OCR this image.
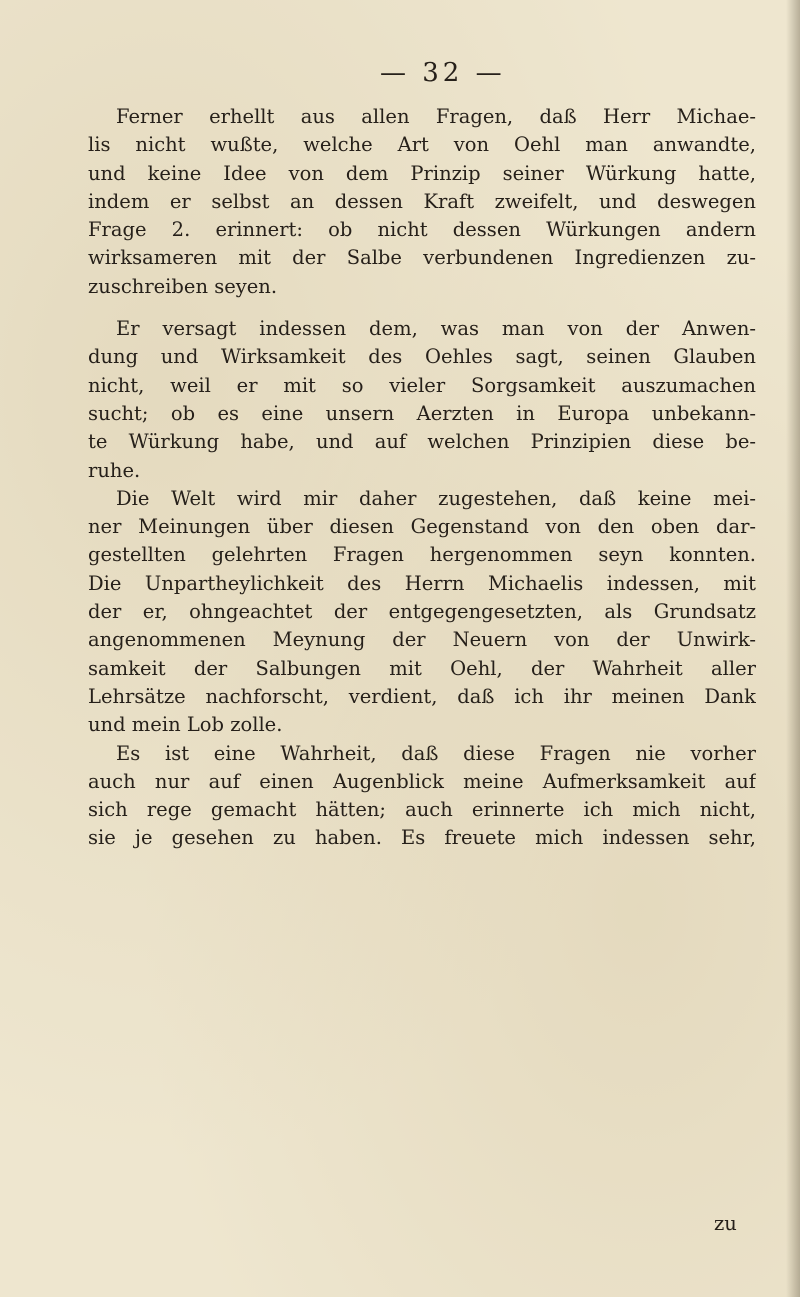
— 32 —
Ferner erhellt aus allen Fragen, daß Herr Michae-
lis nicht wußte, welche Art von Oehl man anwandte,
und keine Idee von dem Prinzip seiner Würkung hatte,
indem er selbst an dessen Kraft zweifelt, und deswegen
Frage 2. erinnert: ob nicht dessen Würkungen andern
wirksameren mit der Salbe verbundenen Ingredienzen zu-
zuschreiben seyen.
Er versagt indessen dem, was man von der Anwen-
dung und Wirksamkeit des Oehles sagt, seinen Glauben
nicht, weil er mit so vieler Sorgsamkeit auszumachen
sucht; ob es eine unsern Aerzten in Europa unbekann-
te Würkung habe, und auf welchen Prinzipien diese be-
ruhe.
Die Welt wird mir daher zugestehen, daß keine mei-
ner Meinungen über diesen Gegenstand von den oben dar-
gestellten gelehrten Fragen hergenommen seyn konnten.
Die Unpartheylichkeit des Herrn Michaelis indessen, mit
der er, ohngeachtet der entgegengesetzten, als Grundsatz
angenommenen Meynung der Neuern von der Unwirk-
samkeit der Salbungen mit Oehl, der Wahrheit aller
Lehrsätze nachforscht, verdient, daß ich ihr meinen Dank
und mein Lob zolle.
Es ist eine Wahrheit, daß diese Fragen nie vorher
auch nur auf einen Augenblick meine Aufmerksamkeit auf
sich rege gemacht hätten; auch erinnerte ich mich nicht,
sie je gesehen zu haben. Es freuete mich indessen sehr,
zu
